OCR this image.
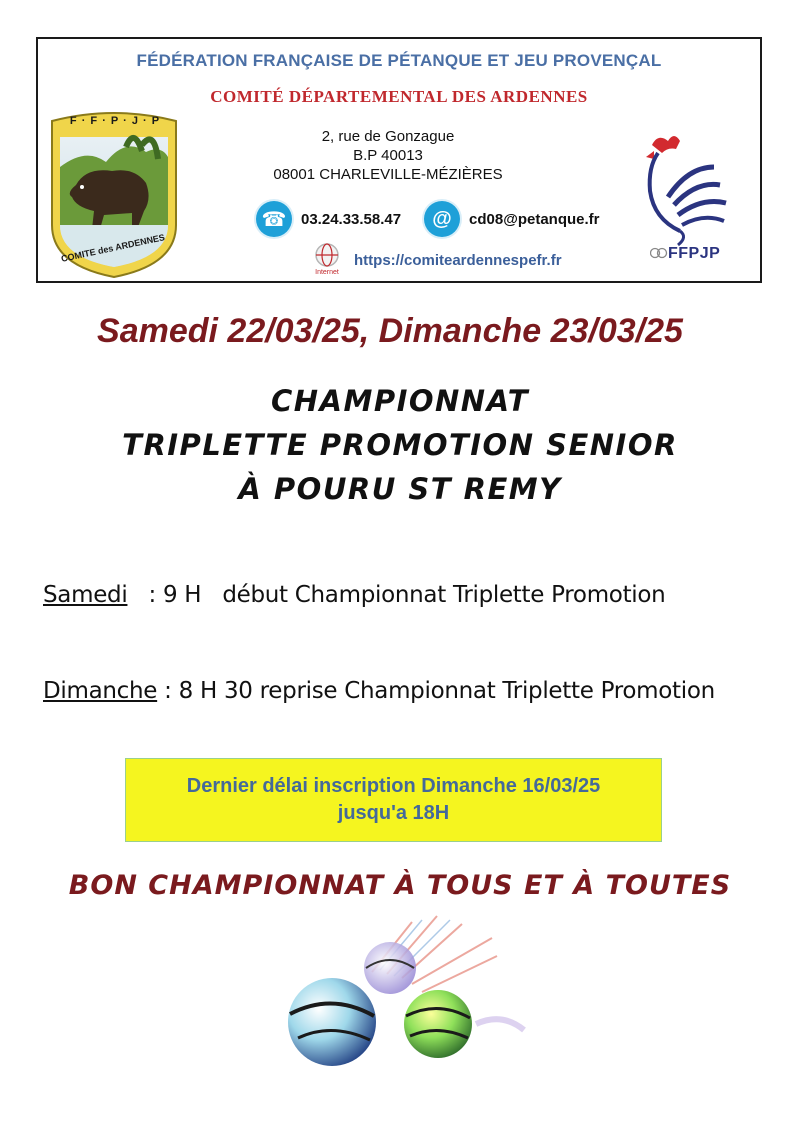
FÉDÉRATION FRANÇAISE DE PÉTANQUE ET JEU PROVENÇAL
COMITÉ DÉPARTEMENTAL DES ARDENNES
F · F · P · J · P
COMITE des ARDENNES
2, rue de Gonzague
B.P 40013
08001 CHARLEVILLE-MÉZIÈRES
☎ 03.24.33.58.47	@	cd08@petanque.fr
Internet
https://comiteardennespefr.fr	FFPJP
Samedi 22/03/25, Dimanche 23/03/25
CHAMPIONNAT
TRIPLETTE PROMOTION SENIOR
À POURU ST REMY
Samedi   : 9 H   début Championnat Triplette Promotion
Dimanche : 8 H 30 reprise Championnat Triplette Promotion
Dernier délai inscription Dimanche 16/03/25
jusqu'a 18H
BON CHAMPIONNAT À TOUS ET À TOUTES
